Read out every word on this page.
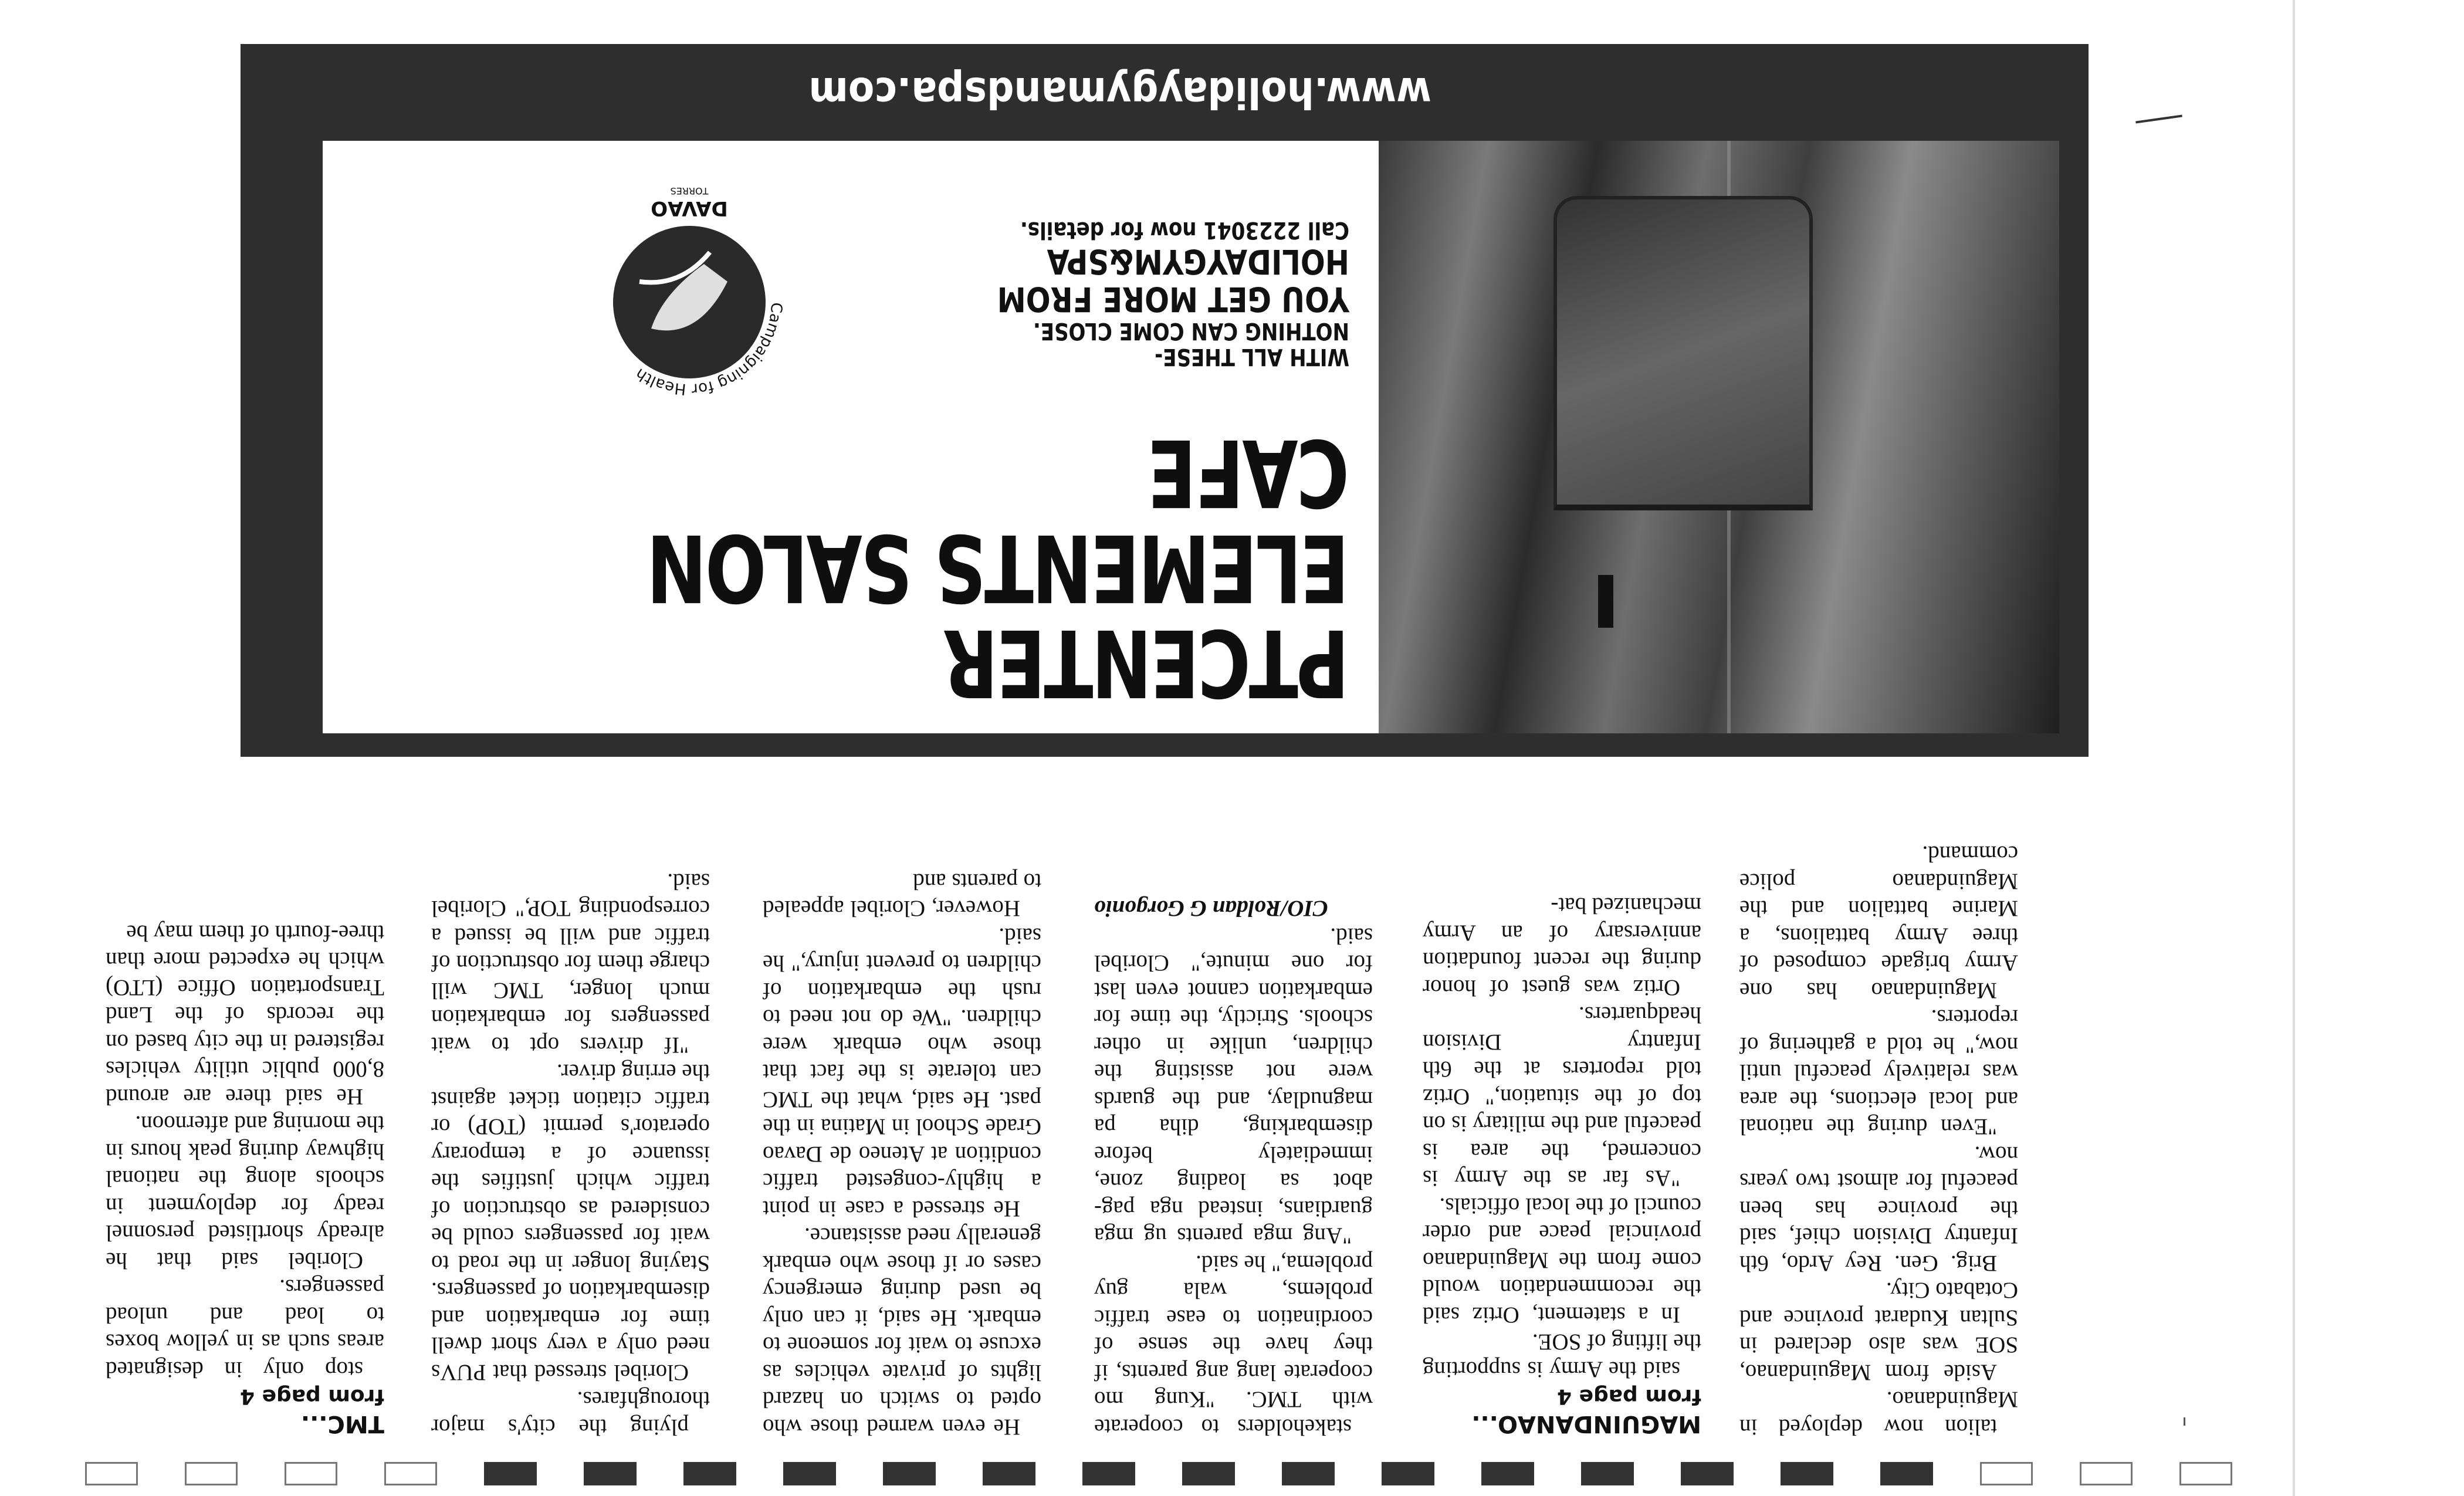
TMC...

from page 4

stop only in designated areas such as in yellow boxes to load and unload passengers.

Cloribel said that he already shortlisted personnel ready for deployment in schools along the national highway during peak hours in the morning and afternoon.

He said there are around 8,000 public utility vehicles registered in the city based on the records of the Land Transportation Office (LTO) which he expected more than three-fourth of them may be

plying the city's major thoroughfares.

Cloribel stressed that PUVs need only a very short dwell time for embarkation and disembarkation of passengers. Staying longer in the road to wait for passengers could be considered as obstruction of traffic which justifies the issuance of a temporary operator's permit (TOP) or traffic citation ticket against the erring driver.

"If drivers opt to wait passengers for embarkation much longer, TMC will charge them for obstruction of traffic and will be issued a corresponding TOP," Cloribel said.

He even warned those who opted to switch on hazard lights of private vehicles as excuse to wait for someone to embark. He said, it can only be used during emergency cases or if those who embark generally need assistance.

He stressed a case in point a highly-congested traffic condition at Ateneo de Davao Grade School in Matina in the past. He said, what the TMC can tolerate is the fact that those who embark were children. "We do not need to rush the embarkation of children to prevent injury," he said.

However, Cloribel appealed to parents and

stakeholders to cooperate with TMC. "Kung mo cooperate lang ang parents, if they have the sense of coordination to ease traffic problems, wala guy problema," he said.

"Ang mga parents ug mga guardians, instead nga pag-abot sa loading zone, immediately before disembarking, diha pa magnudlay, and the guards were not assisting the children, unlike in other schools. Strictly, the time for embarkation cannot even last for one minute," Cloribel said.

CIO/Roldan G Gorgonio

MAGUINDANAO...

from page 4

said the Army is supporting the lifting of SOE.

In a statement, Ortiz said the recommendation would come from the Maguindanao provincial peace and order council of the local officials.

"As far as the Army is concerned, the area is peaceful and the military is on top of the situation," Ortiz told reporters at the 6th Infantry Division headquarters.

Ortiz was guest of honor during the recent foundation anniversary of an Army mechanized bat-

talion now deployed in Maguindanao.

Aside from Maguindanao, SOE was also declared in Sultan Kudarat province and Cotabato City.

Brig. Gen. Rey Ardo, 6th Infantry Division chief, said the province has been peaceful for almost two years now.

"Even during the national and local elections, the area was relatively peaceful until now," he told a gathering of reporters.

Maguindanao has one Army brigade composed of three Army battalions, a Marine battalion and the Maguindanao police command.

PTCENTER
ELEMENTS SALON
CAFE
WITH ALL THESE-
NOTHING CAN COME CLOSE.
YOU GET MORE FROM
HOLIDAYGYM&SPA
Call 2223041 now for details.
Campaigning for Health
DAVAO
TORRES
www.holidaygymandspa.com
